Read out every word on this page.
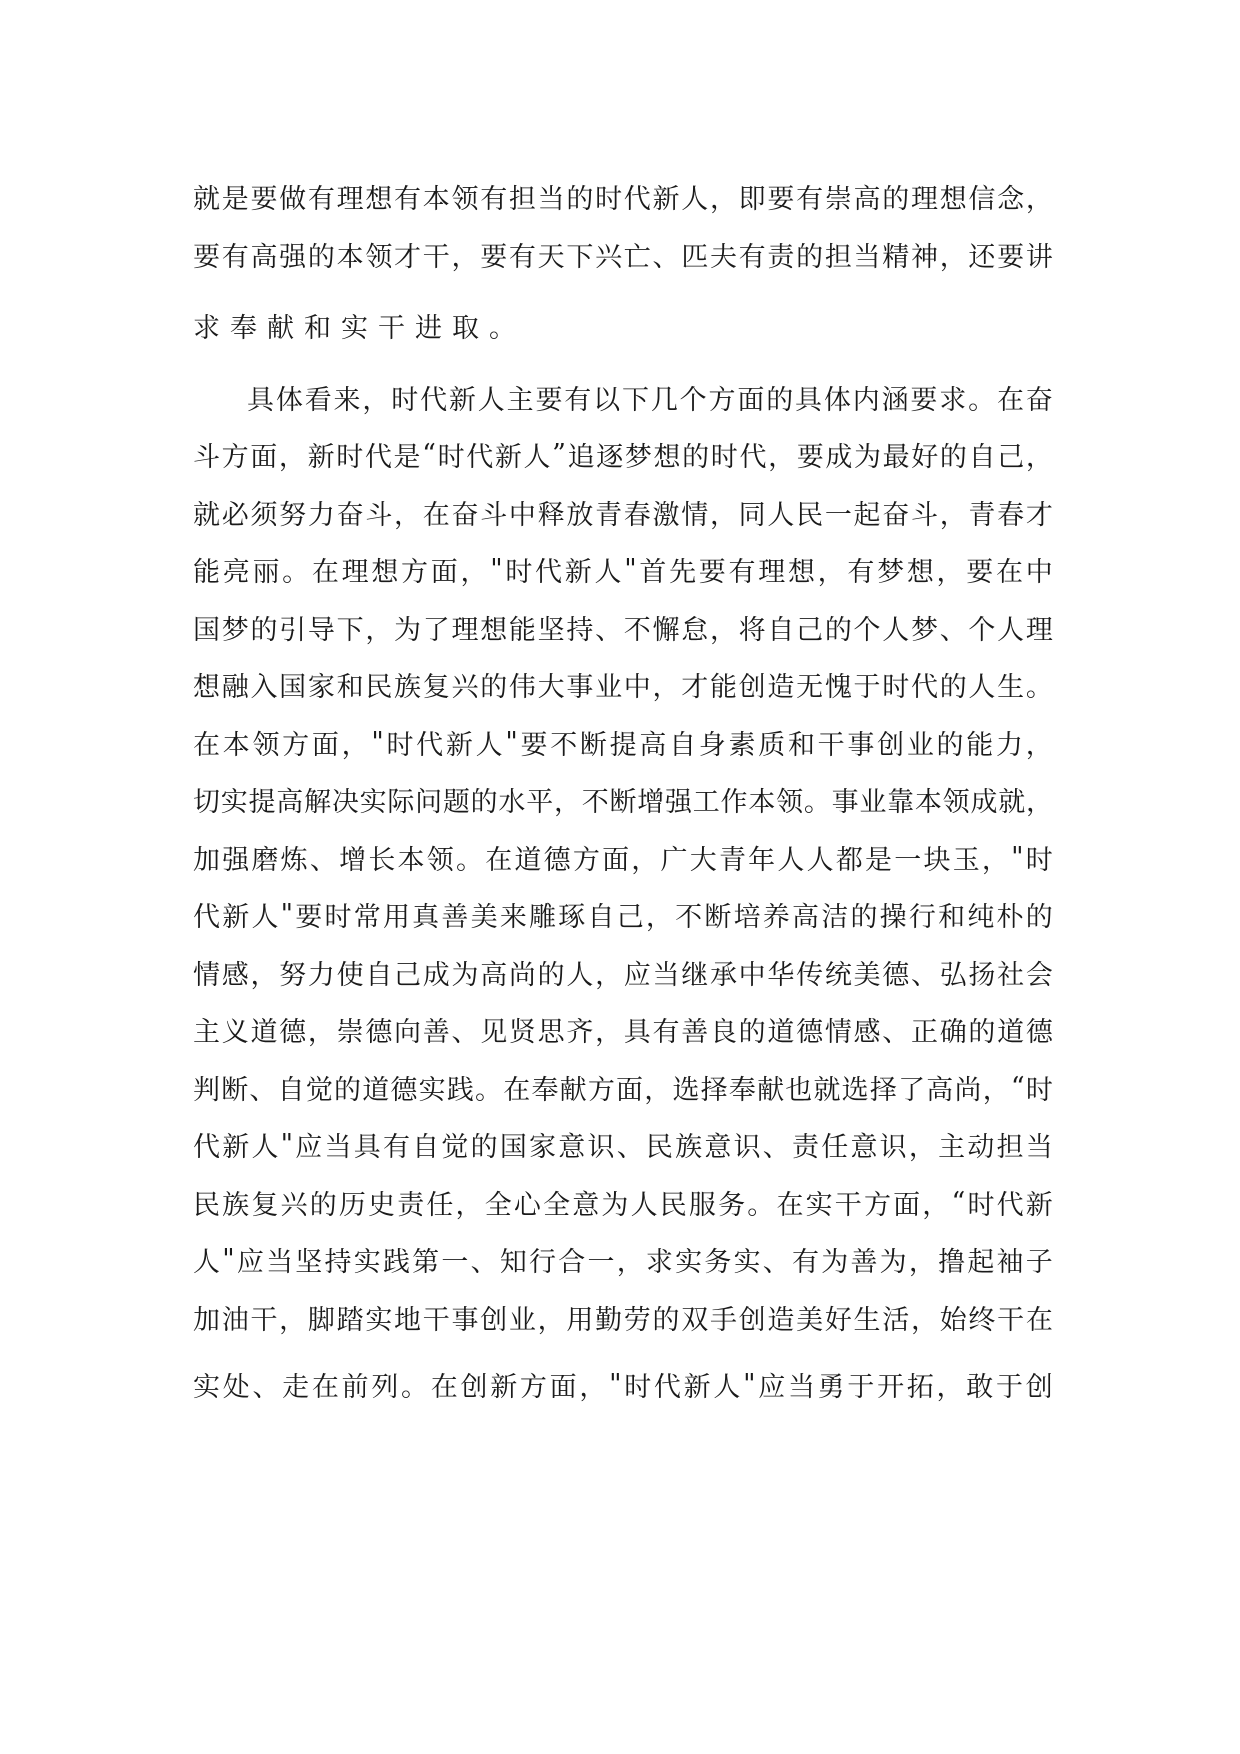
就 是 要 做 有 理 想 有 本 领 有 担 当 的 时 代 新 人 ， 即 要 有 崇 高 的 理 想 信 念 ，
要 有 高 强 的 本 领 才 干 ， 要 有 天 下 兴 亡 、 匹 夫 有 责 的 担 当 精 神 ， 还 要 讲
求 奉 献 和 实 干 进 取 。
具 体 看 来 ， 时 代 新 人 主 要 有 以 下 几 个 方 面 的 具 体 内 涵 要 求 。 在 奋
斗 方 面 ， 新 时 代 是 “ 时 代 新 人 ” 追 逐 梦 想 的 时 代 ， 要 成 为 最 好 的 自 己 ，
就 必 须 努 力 奋 斗 ， 在 奋 斗 中 释 放 青 春 激 情 ， 同 人 民 一 起 奋 斗 ， 青 春 才
能 亮 丽 。 在 理 想 方 面 ， " 时 代 新 人 " 首 先 要 有 理 想 ， 有 梦 想 ， 要 在 中
国 梦 的 引 导 下 ， 为 了 理 想 能 坚 持 、 不 懈 怠 ， 将 自 己 的 个 人 梦 、 个 人 理
想 融 入 国 家 和 民 族 复 兴 的 伟 大 事 业 中 ， 才 能 创 造 无 愧 于 时 代 的 人 生 。
在 本 领 方 面 ， " 时 代 新 人 " 要 不 断 提 高 自 身 素 质 和 干 事 创 业 的 能 力 ，
切 实 提 高 解 决 实 际 问 题 的 水 平 ， 不 断 增 强 工 作 本 领 。 事 业 靠 本 领 成 就 ，
加 强 磨 炼 、 增 长 本 领 。 在 道 德 方 面 ， 广 大 青 年 人 人 都 是 一 块 玉 ， " 时
代 新 人 " 要 时 常 用 真 善 美 来 雕 琢 自 己 ， 不 断 培 养 高 洁 的 操 行 和 纯 朴 的
情 感 ， 努 力 使 自 己 成 为 高 尚 的 人 ， 应 当 继 承 中 华 传 统 美 德 、 弘 扬 社 会
主 义 道 德 ， 崇 德 向 善 、 见 贤 思 齐 ， 具 有 善 良 的 道 德 情 感 、 正 确 的 道 德
判 断 、 自 觉 的 道 德 实 践 。 在 奉 献 方 面 ， 选 择 奉 献 也 就 选 择 了 高 尚 ， “ 时
代 新 人 " 应 当 具 有 自 觉 的 国 家 意 识 、 民 族 意 识 、 责 任 意 识 ， 主 动 担 当
民 族 复 兴 的 历 史 责 任 ， 全 心 全 意 为 人 民 服 务 。 在 实 干 方 面 ， “ 时 代 新
人 " 应 当 坚 持 实 践 第 一 、 知 行 合 一 ， 求 实 务 实 、 有 为 善 为 ， 撸 起 袖 子
加 油 干 ， 脚 踏 实 地 干 事 创 业 ， 用 勤 劳 的 双 手 创 造 美 好 生 活 ， 始 终 干 在
实 处 、 走 在 前 列 。 在 创 新 方 面 ， " 时 代 新 人 " 应 当 勇 于 开 拓 ， 敢 于 创
